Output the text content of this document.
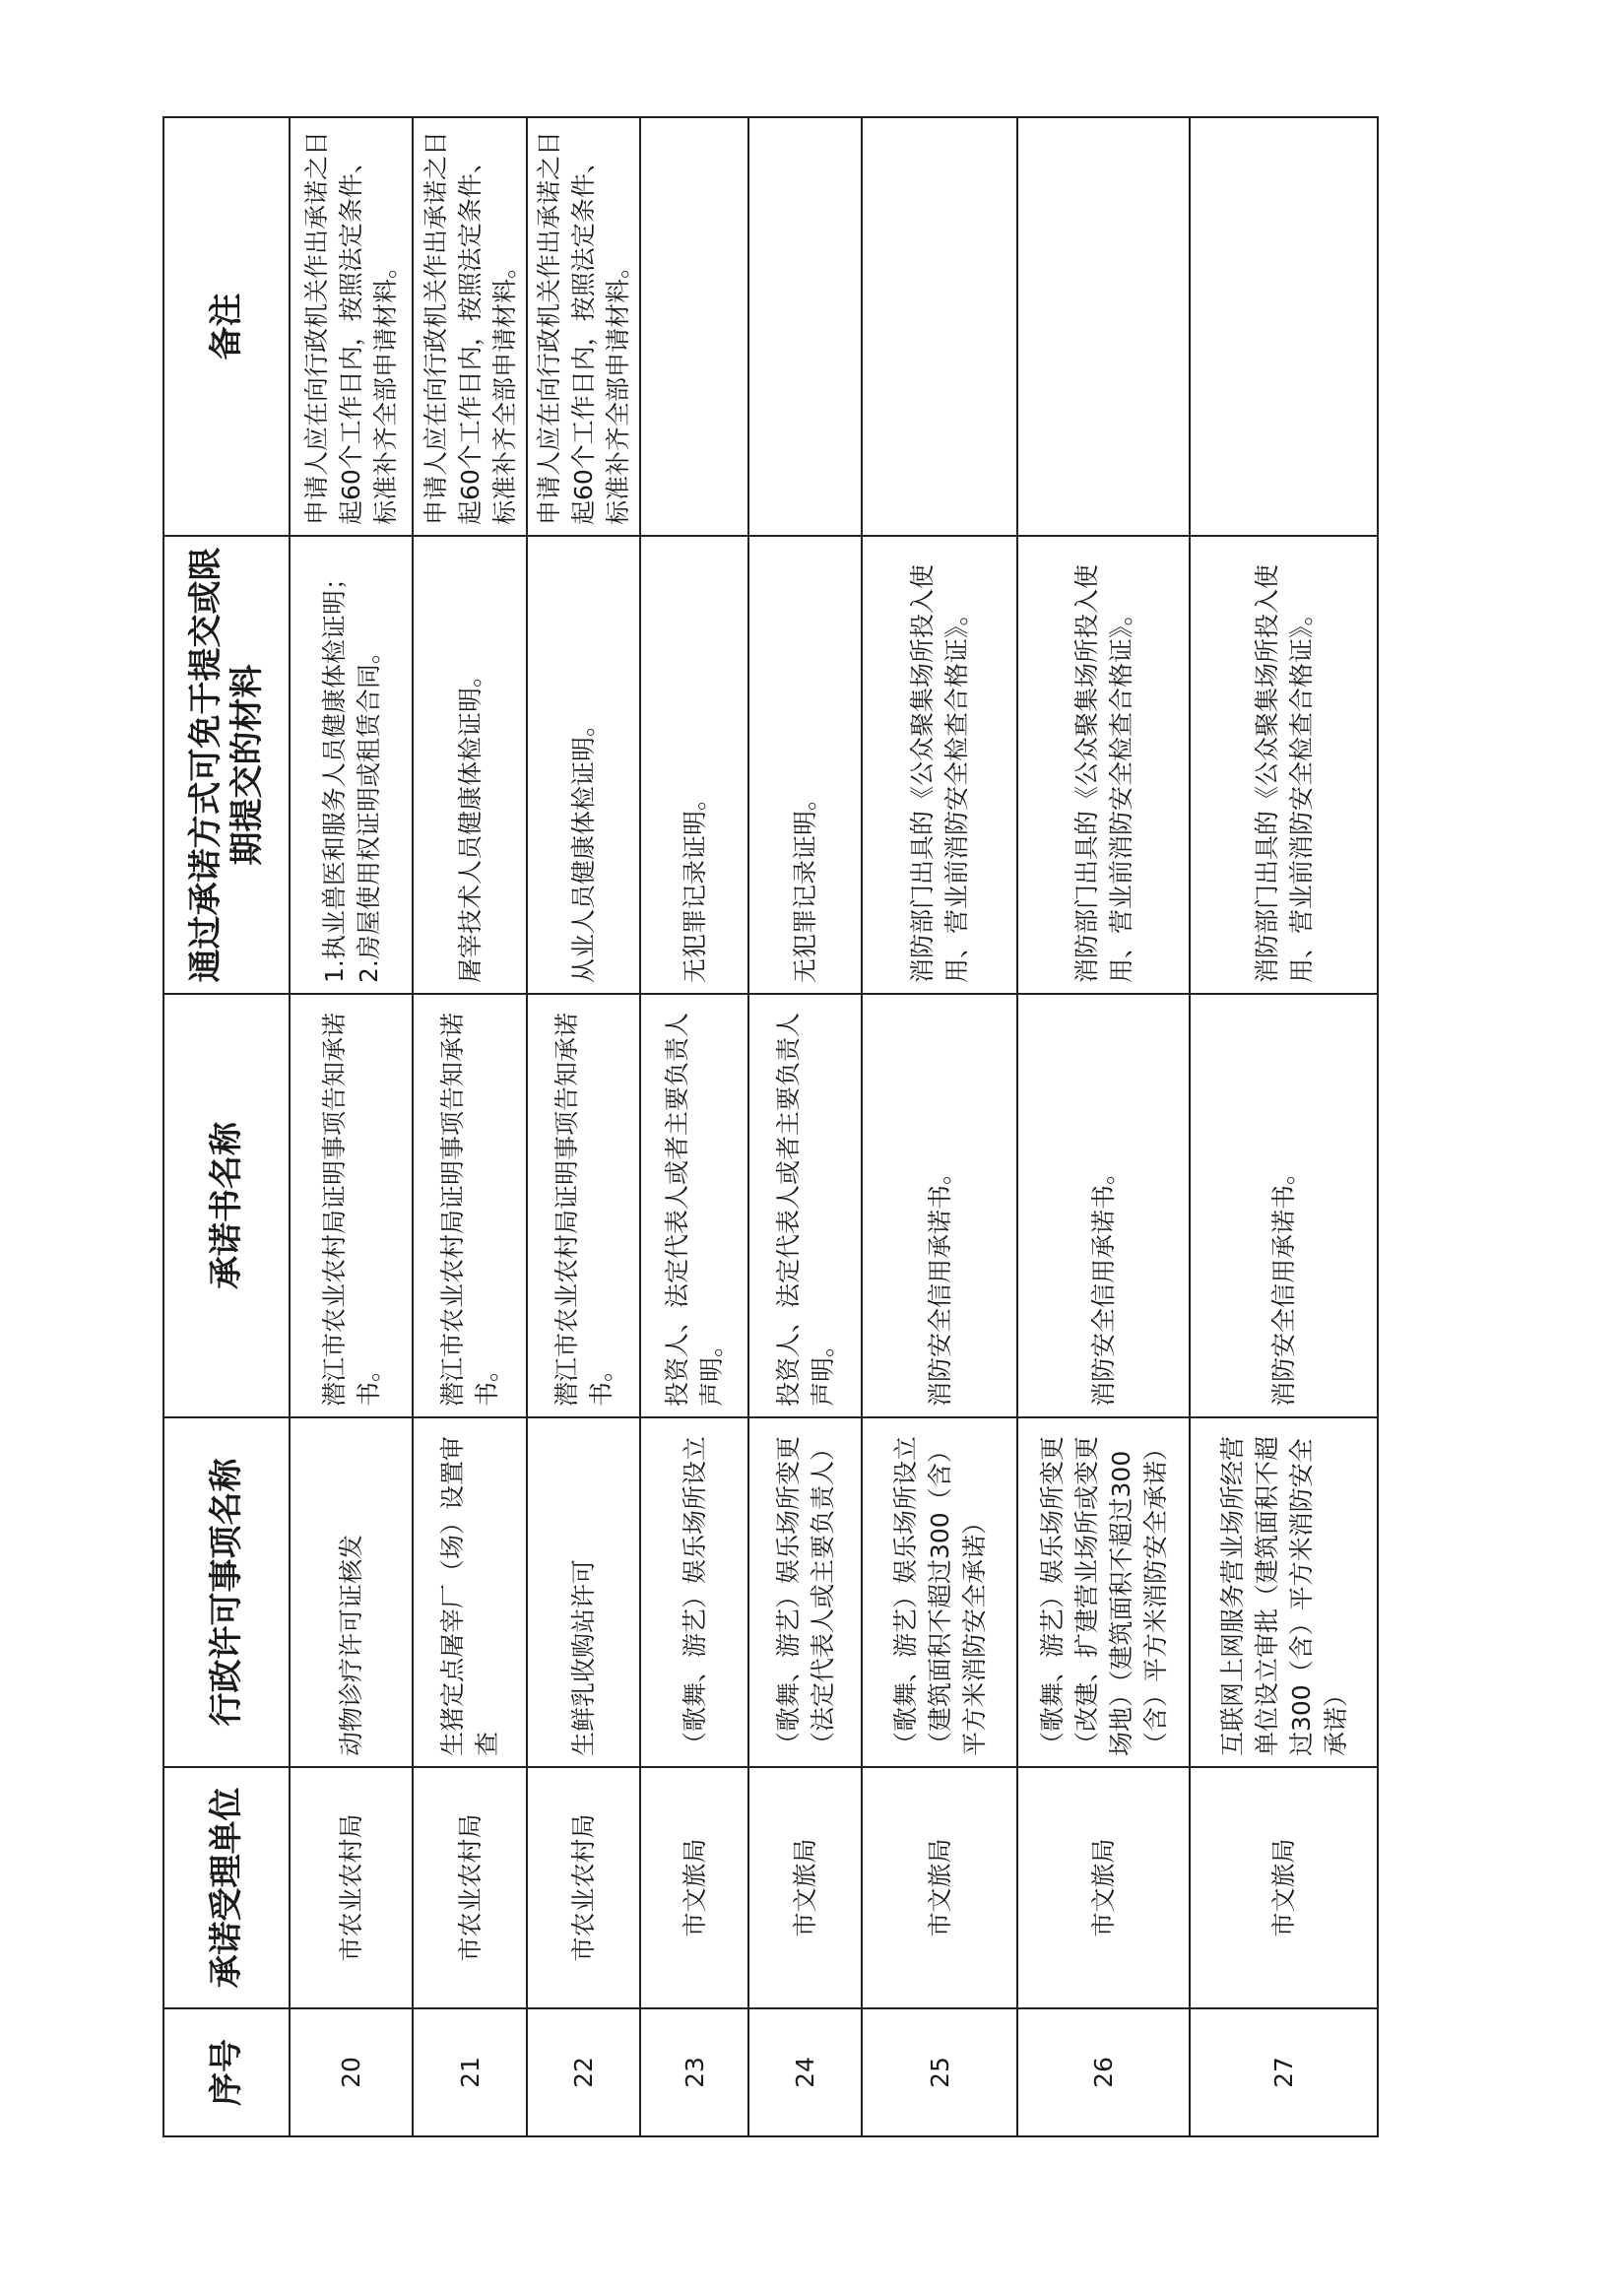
序号	承诺受理单位	行政许可事项名称	承诺书名称	通过承诺方式可免于提交或限期提交的材料	备注
20	市农业农村局	动物诊疗许可证核发	潜江市农业农村局证明事项告知承诺书。	1.执业兽医和服务人员健康体检证明；
2.房屋使用权证明或租赁合同。	申请人应在向行政机关作出承诺之日起60个工作日内，按照法定条件、标准补齐全部申请材料。
21	市农业农村局	生猪定点屠宰厂（场）设置审查	潜江市农业农村局证明事项告知承诺书。	屠宰技术人员健康体检证明。	申请人应在向行政机关作出承诺之日起60个工作日内，按照法定条件、标准补齐全部申请材料。
22	市农业农村局	生鲜乳收购站许可	潜江市农业农村局证明事项告知承诺书。	从业人员健康体检证明。	申请人应在向行政机关作出承诺之日起60个工作日内，按照法定条件、标准补齐全部申请材料。
23	市文旅局	（歌舞、游艺）娱乐场所设立	投资人、法定代表人或者主要负责人声明。	无犯罪记录证明。	
24	市文旅局	（歌舞、游艺）娱乐场所变更（法定代表人或主要负责人）	投资人、法定代表人或者主要负责人声明。	无犯罪记录证明。	
25	市文旅局	（歌舞、游艺）娱乐场所设立（建筑面积不超过300（含）平方米消防安全承诺）	消防安全信用承诺书。	消防部门出具的《公众聚集场所投入使用、营业前消防安全检查合格证》。	
26	市文旅局	（歌舞、游艺）娱乐场所变更（改建、扩建营业场所或变更场地）（建筑面积不超过300（含）平方米消防安全承诺）	消防安全信用承诺书。	消防部门出具的《公众聚集场所投入使用、营业前消防安全检查合格证》。	
27	市文旅局	互联网上网服务营业场所经营单位设立审批（建筑面积不超过300（含）平方米消防安全承诺）	消防安全信用承诺书。	消防部门出具的《公众聚集场所投入使用、营业前消防安全检查合格证》。	
